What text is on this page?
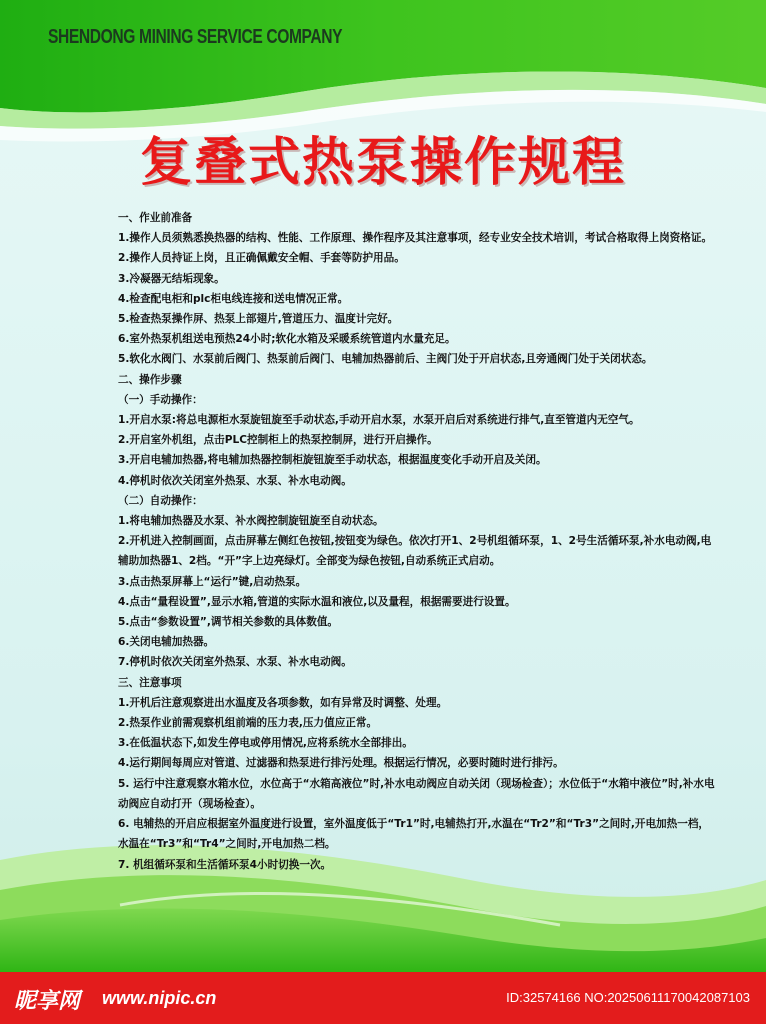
SHENDONG MINING SERVICE COMPANY
复叠式热泵操作规程

一、作业前准备

1.操作人员须熟悉换热器的结构、性能、工作原理、操作程序及其注意事项，经专业安全技术培训，考试合格取得上岗资格证。

2.操作人员持证上岗，且正确佩戴安全帽、手套等防护用品。

3.冷凝器无结垢现象。

4.检查配电柜和plc柜电线连接和送电情况正常。

5.检查热泵操作屏、热泵上部翅片,管道压力、温度计完好。

6.室外热泵机组送电预热24小时;软化水箱及采暖系统管道内水量充足。

5.软化水阀门、水泵前后阀门、热泵前后阀门、电辅加热器前后、主阀门处于开启状态,且旁通阀门处于关闭状态。

二、操作步骤

（一）手动操作：

1.开启水泵:将总电源柜水泵旋钮旋至手动状态,手动开启水泵，水泵开启后对系统进行排气,直至管道内无空气。

2.开启室外机组，点击PLC控制柜上的热泵控制屏，进行开启操作。

3.开启电辅加热器,将电辅加热器控制柜旋钮旋至手动状态，根据温度变化手动开启及关闭。

4.停机时依次关闭室外热泵、水泵、补水电动阀。

（二）自动操作：

1.将电辅加热器及水泵、补水阀控制旋钮旋至自动状态。

2.开机进入控制画面，点击屏幕左侧红色按钮,按钮变为绿色。依次打开1、2号机组循环泵，1、2号生活循环泵,补水电动阀,电辅助加热器1、2档。“开”字上边亮绿灯。全部变为绿色按钮,自动系统正式启动。

3.点击热泵屏幕上“运行”键,启动热泵。

4.点击“量程设置”,显示水箱,管道的实际水温和液位,以及量程，根据需要进行设置。

5.点击“参数设置”,调节相关参数的具体数值。

6.关闭电辅加热器。

7.停机时依次关闭室外热泵、水泵、补水电动阀。

三、注意事项

1.开机后注意观察进出水温度及各项参数，如有异常及时调整、处理。

2.热泵作业前需观察机组前端的压力表,压力值应正常。

3.在低温状态下,如发生停电或停用情况,应将系统水全部排出。

4.运行期间每周应对管道、过滤器和热泵进行排污处理。根据运行情况，必要时随时进行排污。

5. 运行中注意观察水箱水位，水位高于“水箱高液位”时,补水电动阀应自动关闭（现场检查）；水位低于“水箱中液位”时,补水电动阀应自动打开（现场检查）。

6. 电辅热的开启应根据室外温度进行设置，室外温度低于“Tr1”时,电辅热打开,水温在“Tr2”和“Tr3”之间时,开电加热一档，水温在“Tr3”和“Tr4”之间时,开电加热二档。

7. 机组循环泵和生活循环泵4小时切换一次。

昵享网 www.nipic.cn	ID:32574166 NO:20250611170042087103
